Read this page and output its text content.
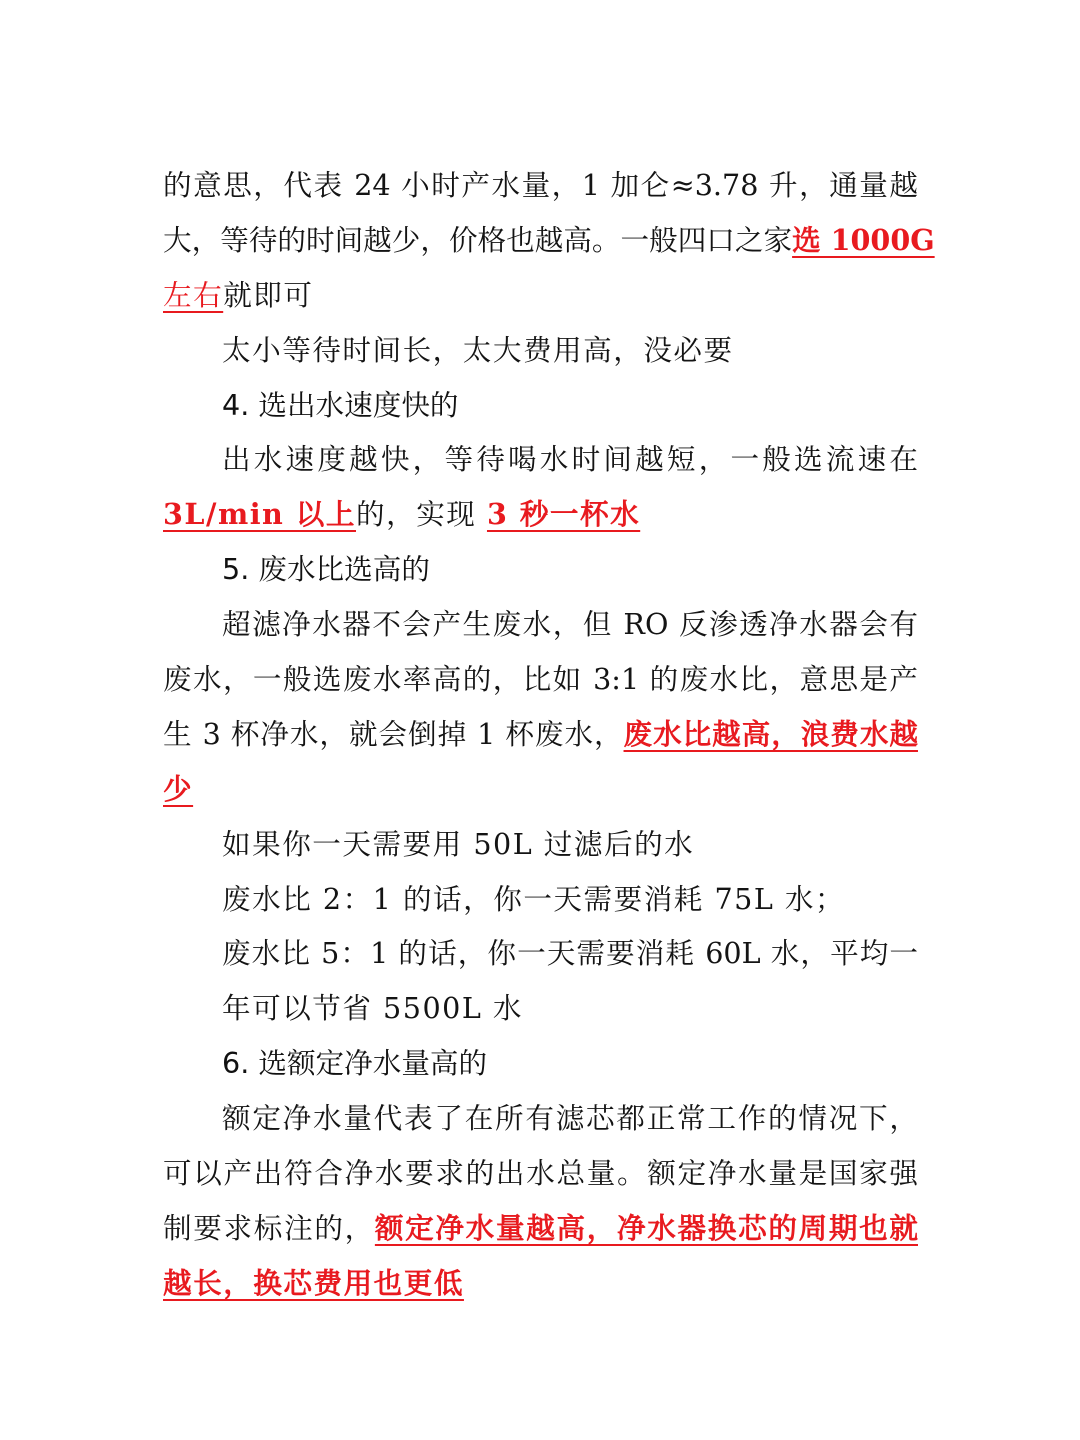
的意思，代表 24 小时产水量，1 加仑≈3.78 升，通量越
大，等待的时间越少，价格也越高。一般四口之家选 1000G
左右就即可
太小等待时间长，太大费用高，没必要
4. 选出水速度快的
出水速度越快，等待喝水时间越短，一般选流速在
3L/min 以上的，实现 3 秒一杯水
5. 废水比选高的
超滤净水器不会产生废水，但 RO 反渗透净水器会有
废水，一般选废水率高的，比如 3:1 的废水比，意思是产
生 3 杯净水，就会倒掉 1 杯废水，废水比越高，浪费水越
少
如果你一天需要用 50L 过滤后的水
废水比 2：1 的话，你一天需要消耗 75L 水；
废水比 5：1 的话，你一天需要消耗 60L 水，平均一
年可以节省 5500L 水
6. 选额定净水量高的
额定净水量代表了在所有滤芯都正常工作的情况下，
可以产出符合净水要求的出水总量。额定净水量是国家强
制要求标注的，额定净水量越高，净水器换芯的周期也就
越长，换芯费用也更低
